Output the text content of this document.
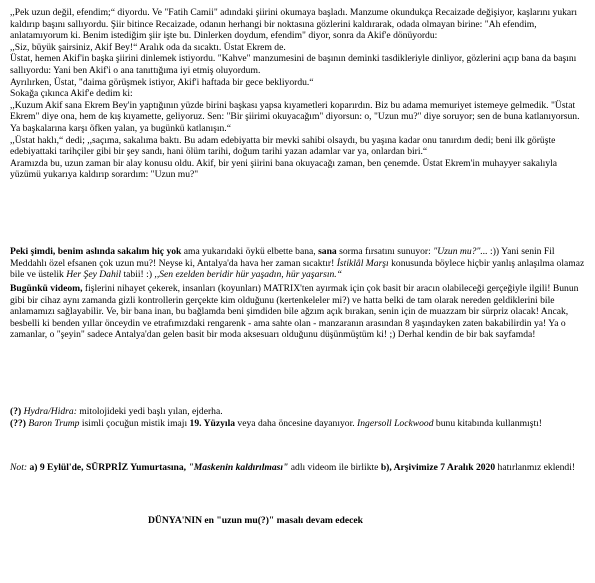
,,Pek uzun değil, efendim;“ diyordu. Ve "Fatih Camii" adındaki şiirini okumaya başladı. Manzume okundukça Recaizade değişiyor, kaşlarını yukarı kaldırıp başını sallıyordu. Şiir bitince Recaizade, odanın herhangi bir noktasına gözlerini kaldırarak, odada olmayan birine: "Ah efendim, anlatamıyorum ki. Benim istediğim şiir işte bu. Dinlerken doydum, efendim" diyor, sonra da Akif'e dönüyordu:

,,Siz, büyük şairsiniz, Akif Bey!“ Aralık oda da sıcaktı. Üstat Ekrem de.

Üstat, hemen Akif'in başka şiirini dinlemek istiyordu. "Kahve" manzumesini de başının deminki tasdikleriyle dinliyor, gözlerini açıp bana da başını sallıyordu: Yani ben Akif'i o ana tanıttığıma iyi etmiş oluyordum.

Ayrılırken, Üstat, "daima görüşmek istiyor, Akif'i haftada bir gece bekliyordu.“

Sokağa çıkınca Akif'e dedim ki:

,,Kuzum Akif sana Ekrem Bey'in yaptığının yüzde birini başkası yapsa kıyametleri koparırdın. Biz bu adama memuriyet istemeye gelmedik. "Üstat Ekrem" diye ona, hem de kış kıyamette, geliyoruz. Sen: "Bir şiirimi okuyacağım" diyorsun: o, "Uzun mu?" diye soruyor; sen de buna katlanıyorsun. Ya başkalarına karşı öfken yalan, ya bugünkü katlanışın.“

,,Üstat haklı,“ dedi; ,,saçıma, sakalıma baktı. Bu adam edebiyatta bir mevki sahibi olsaydı, bu yaşına kadar onu tanırdım dedi; beni ilk görüşte edebiyattaki tarihçiler gibi bir şey sandı, hani ölüm tarihi, doğum tarihi yazan adamlar var ya, onlardan biri.“

Aramızda bu, uzun zaman bir alay konusu oldu. Akif, bir yeni şiirini bana okuyacağı zaman, ben çenemde. Üstat Ekrem'in muhayyer sakalıyla yüzümü yukarıya kaldırıp sorardım: "Uzun mu?"

Peki şimdi, benim aslında sakalım hiç yok ama yukarıdaki öykü elbette bana, sana sorma fırsatını sunuyor: "Uzun mu?"... :)) Yani senin Fil Meddahlı özel efsanen çok uzun mu?! Neyse ki, Antalya'da hava her zaman sıcaktır! İstiklâl Marşı konusunda böylece hiçbir yanlış anlaşılma olamaz bile ve üstelik Her Şey Dahil tabii! :) ,,Sen ezelden beridir hür yaşadın, hür yaşarsın.“

Bugünkü videom, fişlerini nihayet çekerek, insanları (koyunları) MATRIX'ten ayırmak için çok basit bir aracın olabileceği gerçeğiyle ilgili! Bunun gibi bir cihaz aynı zamanda gizli kontrollerin gerçekte kim olduğunu (kertenkeleler mi?) ve hatta belki de tam olarak nereden geldiklerini bile anlamamızı sağlayabilir. Ve, bir bana inan, bu bağlamda beni şimdiden bile ağzım açık bırakan, senin için de muazzam bir sürpriz olacak! Ancak, besbelli ki benden yıllar önceydin ve etrafımızdaki rengarenk - ama sahte olan - manzaranın arasından 8 yaşındayken zaten bakabilirdin ya! Ya o zamanlar, o "şeyin" sadece Antalya'dan gelen basit bir moda aksesuarı olduğunu düşünmüştüm ki! ;) Derhal kendin de bir bak sayfamda!

(?) Hydra/Hidra: mitolojideki yedi başlı yılan, ejderha.

(??) Baron Trump isimli çocuğun mistik imajı 19. Yüzyıla veya daha öncesine dayanıyor. Ingersoll Lockwood bunu kitabında kullanmıştı!

Not: a) 9 Eylül'de, SÜRPRİZ Yumurtasına, "Maskenin kaldırılması" adlı videom ile birlikte b), Arşivimize 7 Aralık 2020 hatırlanmız eklendi!

DÜNYA'NIN en "uzun mu(?)" masalı devam edecek
